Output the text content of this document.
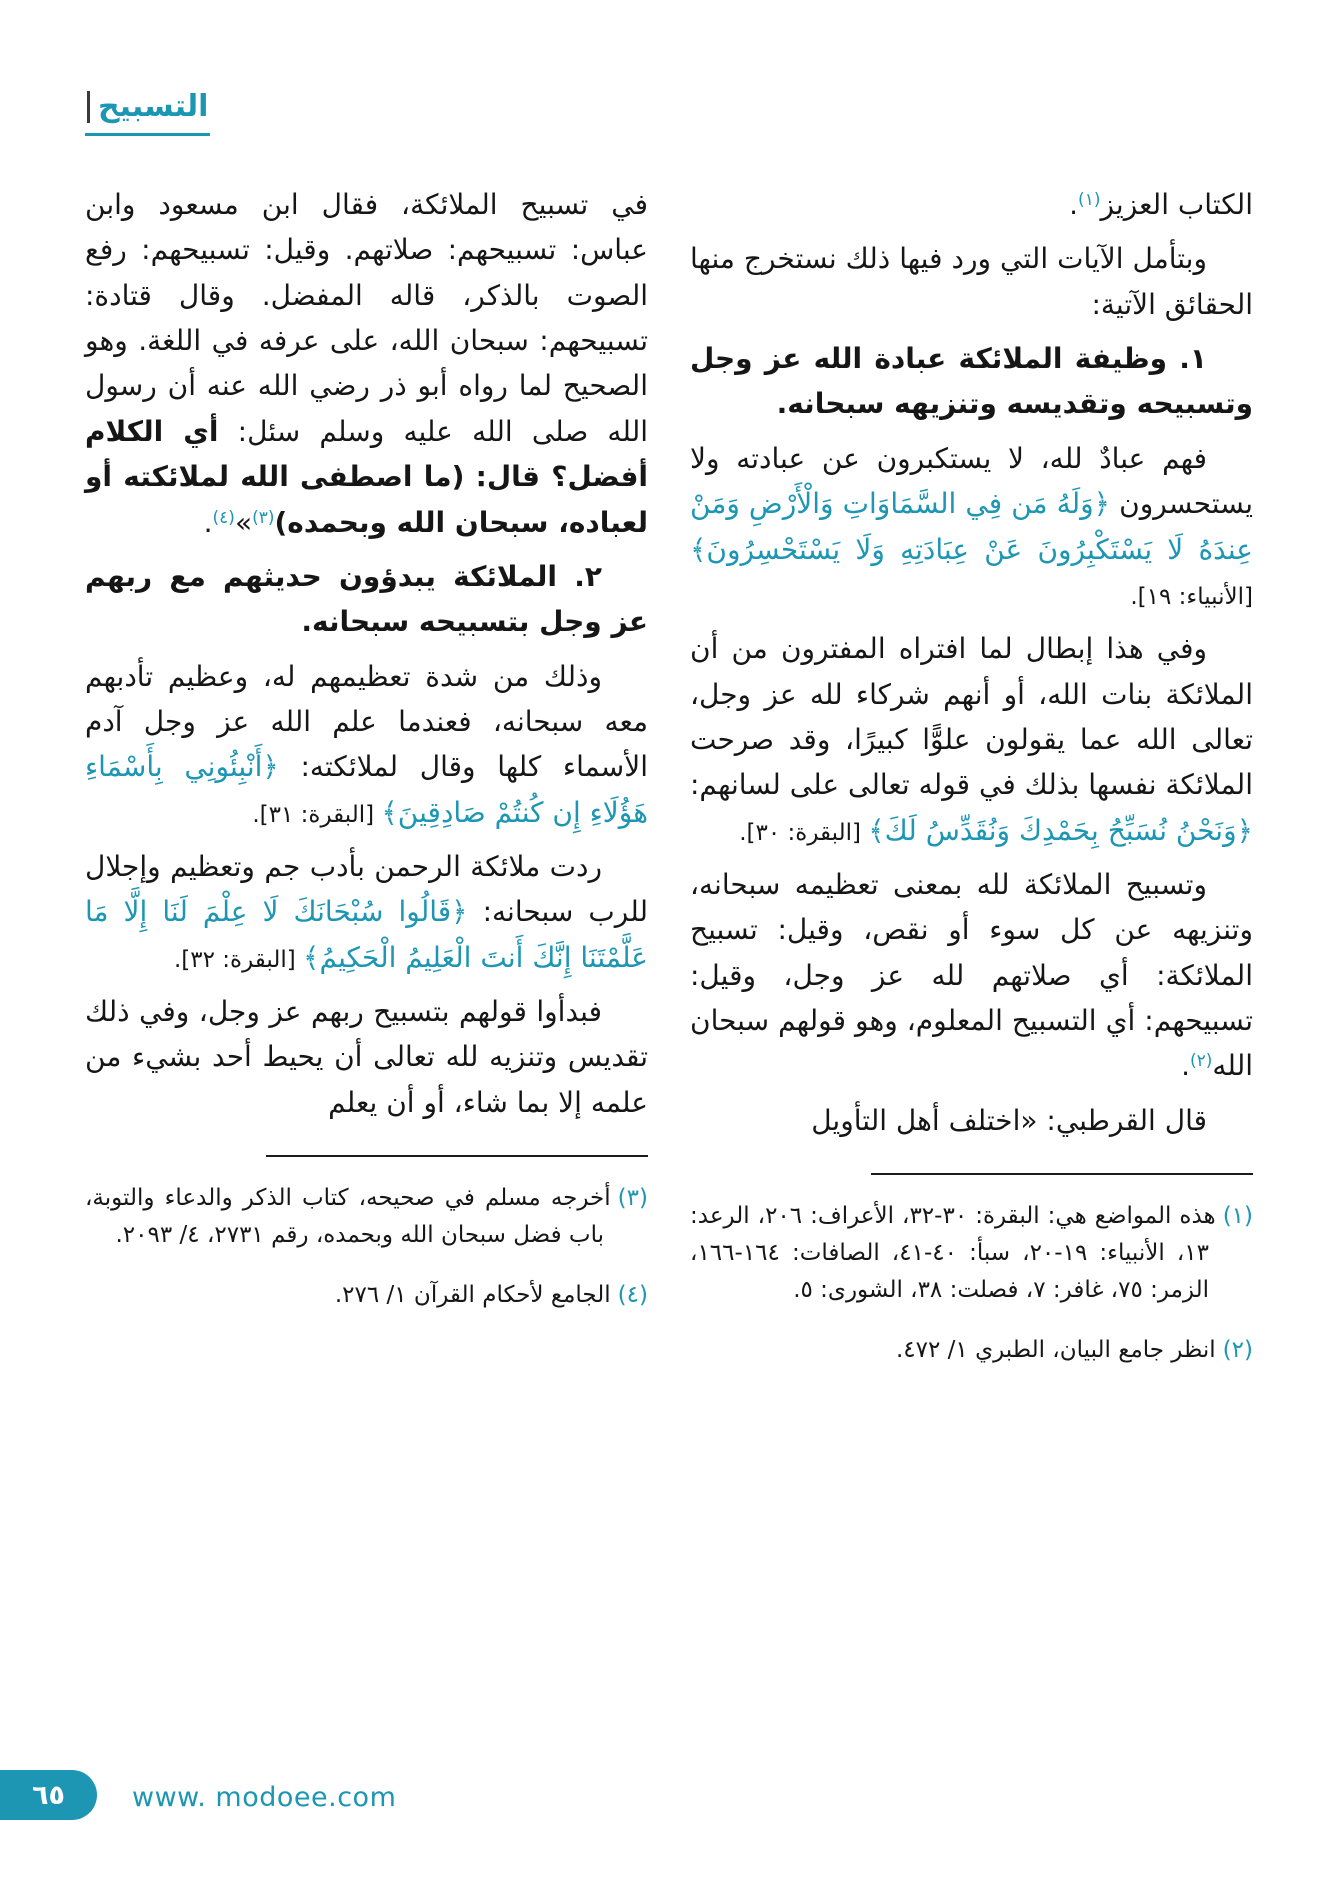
التسبيح

الكتاب العزيز$^{(١)}$.

وبتأمل الآيات التي ورد فيها ذلك نستخرج منها الحقائق الآتية:

١. وظيفة الملائكة عبادة الله عز وجل وتسبيحه وتقديسه وتنزيهه سبحانه.

فهم عبادٌ لله، لا يستكبرون عن عبادته ولا يستحسرون ﴿وَلَهُ مَن فِي السَّمَاوَاتِ وَالْأَرْضِ وَمَنْ عِندَهُ لَا يَسْتَكْبِرُونَ عَنْ عِبَادَتِهِ وَلَا يَسْتَحْسِرُونَ﴾ [الأنبياء: ١٩].

وفي هذا إبطال لما افتراه المفترون من أن الملائكة بنات الله، أو أنهم شركاء لله عز وجل، تعالى الله عما يقولون علوًّا كبيرًا، وقد صرحت الملائكة نفسها بذلك في قوله تعالى على لسانهم: ﴿وَنَحْنُ نُسَبِّحُ بِحَمْدِكَ وَنُقَدِّسُ لَكَ﴾ [البقرة: ٣٠].

وتسبيح الملائكة لله بمعنى تعظيمه سبحانه، وتنزيهه عن كل سوء أو نقص، وقيل: تسبيح الملائكة: أي صلاتهم لله عز وجل، وقيل: تسبيحهم: أي التسبيح المعلوم، وهو قولهم سبحان الله$^{(٢)}$.

قال القرطبي: «اختلف أهل التأويل

(١)هذه المواضع هي: البقرة: ٣٠-٣٢، الأعراف: ٢٠٦، الرعد: ١٣، الأنبياء: ١٩-٢٠، سبأ: ٤٠-٤١، الصافات: ١٦٤-١٦٦، الزمر: ٧٥، غافر: ٧، فصلت: ٣٨، الشورى: ٥.

(٢)انظر جامع البيان، الطبري ١/ ٤٧٢.

في تسبيح الملائكة، فقال ابن مسعود وابن عباس: تسبيحهم: صلاتهم. وقيل: تسبيحهم: رفع الصوت بالذكر، قاله المفضل. وقال قتادة: تسبيحهم: سبحان الله، على عرفه في اللغة. وهو الصحيح لما رواه أبو ذر رضي الله عنه أن رسول الله صلى الله عليه وسلم سئل: أي الكلام أفضل؟ قال: (ما اصطفى الله لملائكته أو لعباده، سبحان الله وبحمده)$^{(٣)}$»$^{(٤)}$.

٢. الملائكة يبدؤون حديثهم مع ربهم عز وجل بتسبيحه سبحانه.

وذلك من شدة تعظيمهم له، وعظيم تأدبهم معه سبحانه، فعندما علم الله عز وجل آدم الأسماء كلها وقال لملائكته: ﴿أَنْبِئُونِي بِأَسْمَاءِ هَؤُلَاءِ إِن كُنتُمْ صَادِقِينَ﴾ [البقرة: ٣١].

ردت ملائكة الرحمن بأدب جم وتعظيم وإجلال للرب سبحانه: ﴿قَالُوا سُبْحَانَكَ لَا عِلْمَ لَنَا إِلَّا مَا عَلَّمْتَنَا إِنَّكَ أَنتَ الْعَلِيمُ الْحَكِيمُ﴾ [البقرة: ٣٢].

فبدأوا قولهم بتسبيح ربهم عز وجل، وفي ذلك تقديس وتنزيه لله تعالى أن يحيط أحد بشيء من علمه إلا بما شاء، أو أن يعلم

(٣)أخرجه مسلم في صحيحه، كتاب الذكر والدعاء والتوبة، باب فضل سبحان الله وبحمده، رقم ٢٧٣١، ٤/ ٢٠٩٣.

(٤)الجامع لأحكام القرآن ١/ ٢٧٦.

٦٥ www. modoee.com
